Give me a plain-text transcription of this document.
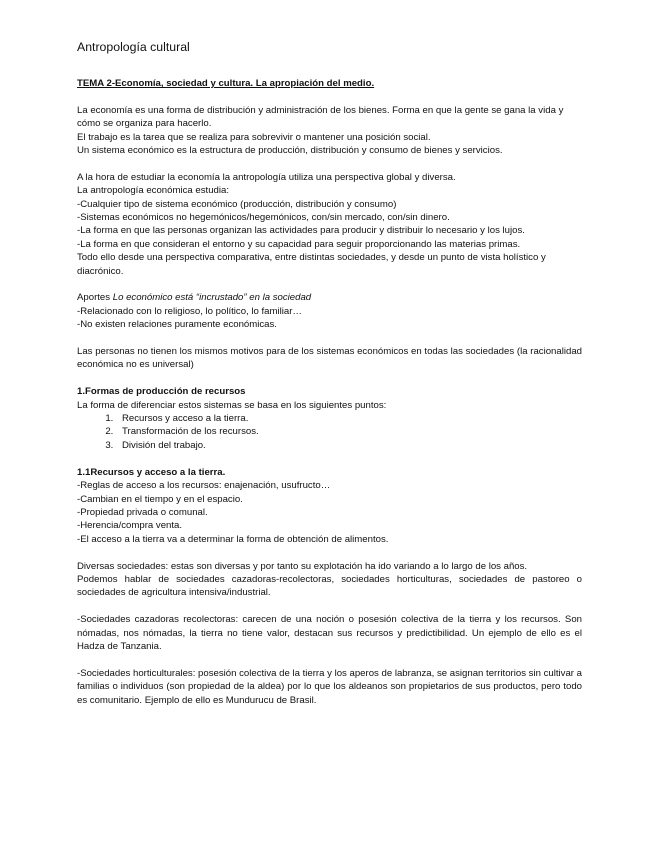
Antropología cultural

TEMA 2-Economía, sociedad y cultura. La apropiación del medio.

La economía es una forma de distribución y administración de los bienes. Forma en que la gente se gana la vida y cómo se organiza para hacerlo.

El trabajo es la tarea que se realiza para sobrevivir o mantener una posición social.

Un sistema económico es la estructura de producción, distribución y consumo de bienes y servicios.

A la hora de estudiar la economía la antropología utiliza una perspectiva global y diversa.

La antropología económica estudia:

-Cualquier tipo de sistema económico (producción, distribución y consumo)

-Sistemas económicos no hegemónicos/hegemónicos, con/sin mercado, con/sin dinero.

-La forma en que las personas organizan las actividades para producir y distribuir lo necesario y los lujos.

-La forma en que consideran el entorno y su capacidad para seguir proporcionando las materias primas.

Todo ello desde una perspectiva comparativa, entre distintas sociedades, y desde un punto de vista holístico y diacrónico.

Aportes Lo económico está “incrustado” en la sociedad

-Relacionado con lo religioso, lo político, lo familiar…

-No existen relaciones puramente económicas.

Las personas no tienen los mismos motivos para de los sistemas económicos en todas las sociedades (la racionalidad económica no es universal)

1.Formas de producción de recursos

La forma de diferenciar estos sistemas se basa en los siguientes puntos:

1. Recursos y acceso a la tierra.
2. Transformación de los recursos.
3. División del trabajo.

1.1Recursos y acceso a la tierra.

-Reglas de acceso a los recursos: enajenación, usufructo…

-Cambian en el tiempo y en el espacio.

-Propiedad privada o comunal.

-Herencia/compra venta.

-El acceso a la tierra va a determinar la forma de obtención de alimentos.

Diversas sociedades: estas son diversas y por tanto su explotación ha ido variando a lo largo de los años.

Podemos hablar de sociedades cazadoras-recolectoras, sociedades horticulturas, sociedades de pastoreo o sociedades de agricultura intensiva/industrial.

-Sociedades cazadoras recolectoras: carecen de una noción o posesión colectiva de la tierra y los recursos. Son nómadas, nos nómadas, la tierra no tiene valor, destacan sus recursos y predictibilidad. Un ejemplo de ello es el Hadza de Tanzania.

-Sociedades horticulturales: posesión colectiva de la tierra y los aperos de labranza, se asignan territorios sin cultivar a familias o individuos (son propiedad de la aldea) por lo que los aldeanos son propietarios de sus productos, pero todo es comunitario. Ejemplo de ello es Mundurucu de Brasil.
